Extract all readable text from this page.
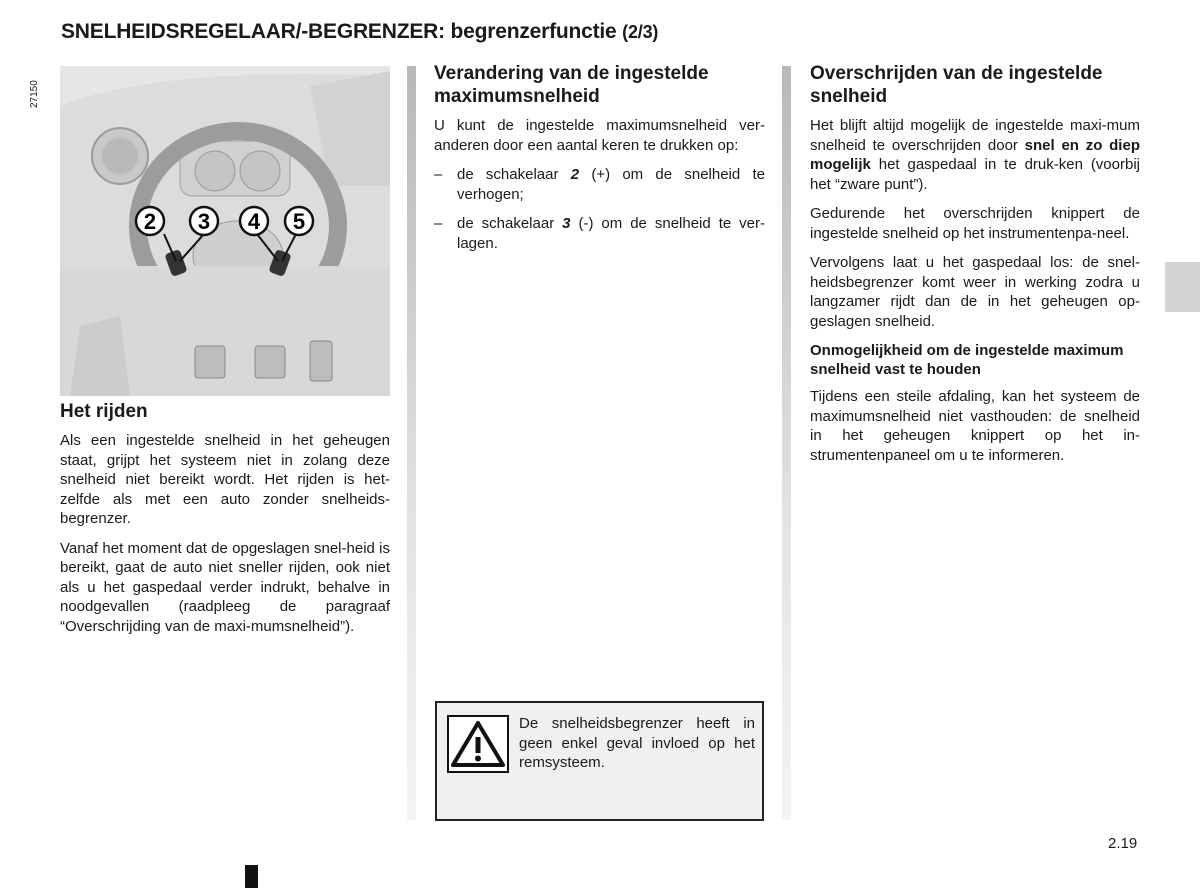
SNELHEIDSREGELAAR/-BEGRENZER: begrenzerfunctie (2/3)
2 3 4 5
27150
Het rijden

Als een ingestelde snelheid in het geheugen staat, grijpt het systeem niet in zolang deze snelheid niet bereikt wordt. Het rijden is het-zelfde als met een auto zonder snelheids-begrenzer.

Vanaf het moment dat de opgeslagen snel-heid is bereikt, gaat de auto niet sneller rijden, ook niet als u het gaspedaal verder indrukt, behalve in noodgevallen (raadpleeg de paragraaf “Overschrijding van de maxi-mumsnelheid”).

Verandering van de ingestelde maximumsnelheid

U kunt de ingestelde maximumsnelheid ver-anderen door een aantal keren te drukken op:

– de schakelaar 2 (+) om de snelheid te verhogen;
– de schakelaar 3 (-) om de snelheid te ver-lagen.
De snelheidsbegrenzer heeft in geen enkel geval invloed op het remsysteem.
Overschrijden van de ingestelde snelheid

Het blijft altijd mogelijk de ingestelde maxi-mum snelheid te overschrijden door snel en zo diep mogelijk het gaspedaal in te druk-ken (voorbij het “zware punt”).

Gedurende het overschrijden knippert de ingestelde snelheid op het instrumentenpa-neel.

Vervolgens laat u het gaspedaal los: de snel-heidsbegrenzer komt weer in werking zodra u langzamer rijdt dan de in het geheugen op-geslagen snelheid.

Onmogelijkheid om de ingestelde maximum snelheid vast te houden

Tijdens een steile afdaling, kan het systeem de maximumsnelheid niet vasthouden: de snelheid in het geheugen knippert op het in-strumentenpaneel om u te informeren.

2.19
